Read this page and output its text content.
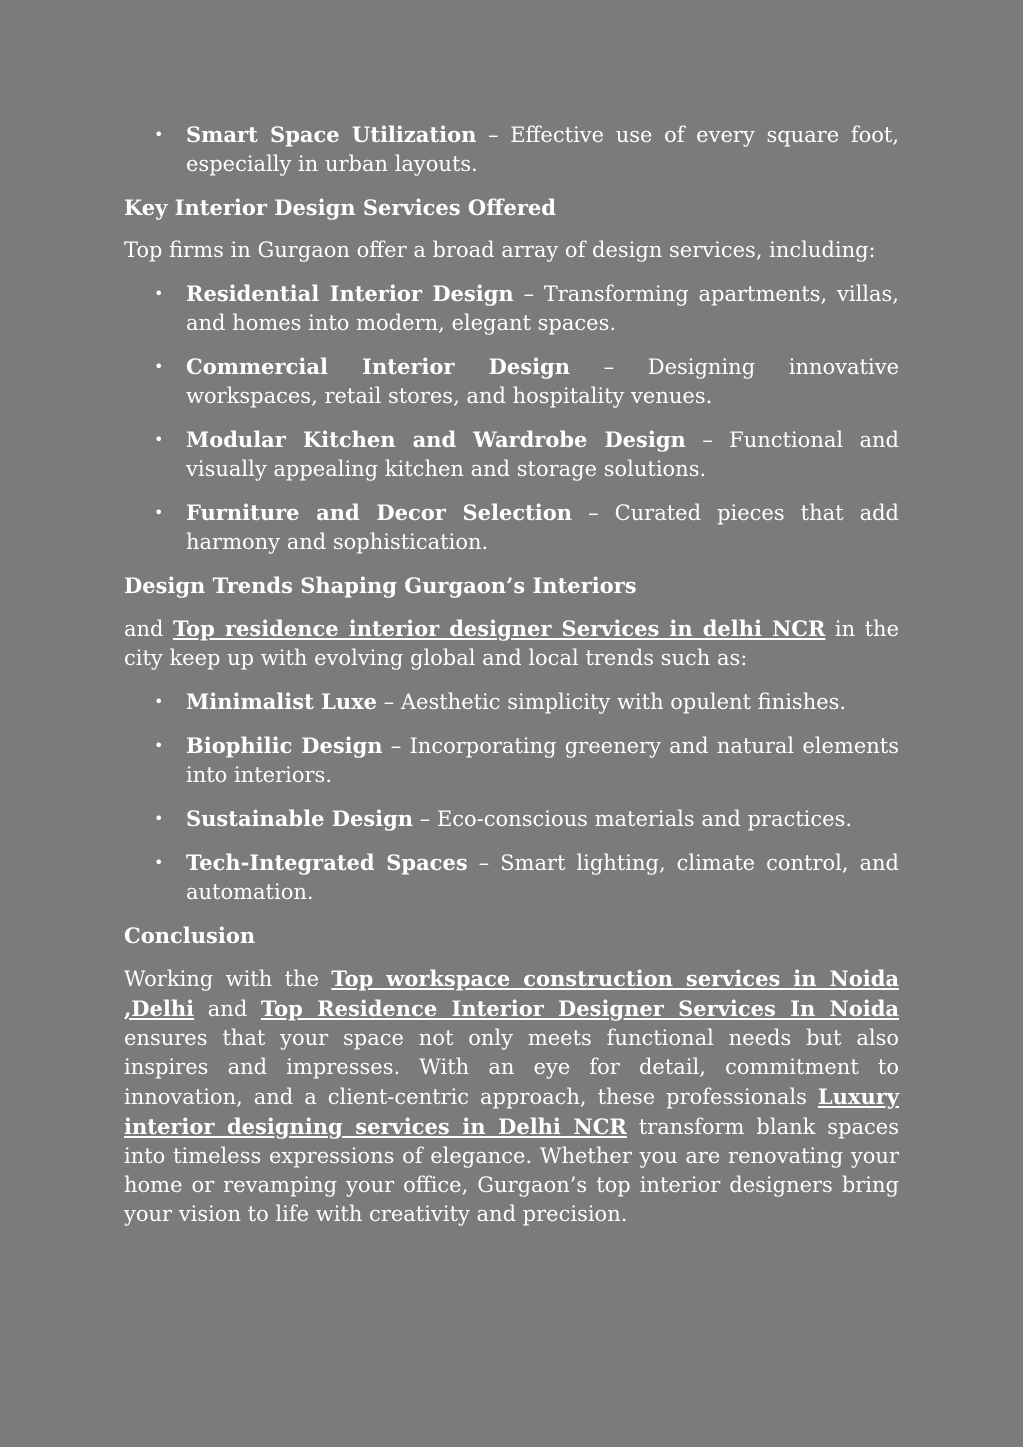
• Smart Space Utilization – Effective use of every square foot, especially in urban layouts.
Key Interior Design Services Offered

Top firms in Gurgaon offer a broad array of design services, including:

• Residential Interior Design – Transforming apartments, villas, and homes into modern, elegant spaces.
• Commercial Interior Design – Designing innovative workspaces, retail stores, and hospitality venues.
• Modular Kitchen and Wardrobe Design – Functional and visually appealing kitchen and storage solutions.
• Furniture and Decor Selection – Curated pieces that add harmony and sophistication.
Design Trends Shaping Gurgaon’s Interiors

and Top residence interior designer Services in delhi NCR in the city keep up with evolving global and local trends such as:

• Minimalist Luxe – Aesthetic simplicity with opulent finishes.
• Biophilic Design – Incorporating greenery and natural elements into interiors.
• Sustainable Design – Eco-conscious materials and practices.
• Tech-Integrated Spaces – Smart lighting, climate control, and automation.
Conclusion

Working with the Top workspace construction services in Noida ,Delhi and Top Residence Interior Designer Services In Noida ensures that your space not only meets functional needs but also inspires and impresses. With an eye for detail, commitment to innovation, and a client-centric approach, these professionals Luxury interior designing services in Delhi NCR transform blank spaces into timeless expressions of elegance. Whether you are renovating your home or revamping your office, Gurgaon’s top interior designers bring your vision to life with creativity and precision.
